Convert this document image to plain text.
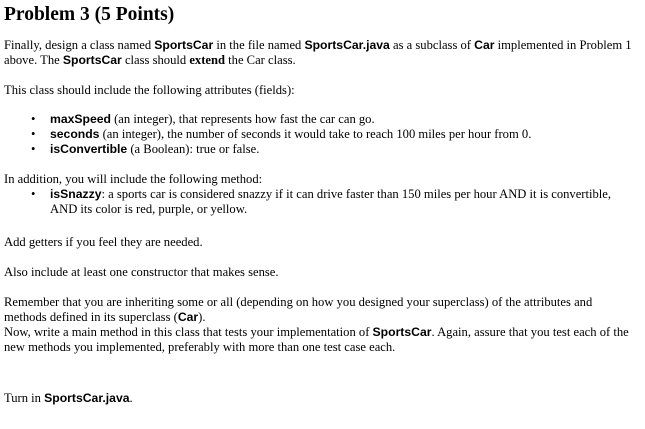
Problem 3 (5 Points)

Finally, design a class named SportsCar in the file named SportsCar.java as a subclass of Car implemented in Problem 1 above. The SportsCar class should extend the Car class.

This class should include the following attributes (fields):

• maxSpeed (an integer), that represents how fast the car can go.
• seconds (an integer), the number of seconds it would take to reach 100 miles per hour from 0.
• isConvertible (a Boolean): true or false.

In addition, you will include the following method:

• isSnazzy: a sports car is considered snazzy if it can drive faster than 150 miles per hour AND it is convertible, AND its color is red, purple, or yellow.

Add getters if you feel they are needed.

Also include at least one constructor that makes sense.

Remember that you are inheriting some or all (depending on how you designed your superclass) of the attributes and methods defined in its superclass (Car).

Now, write a main method in this class that tests your implementation of SportsCar. Again, assure that you test each of the new methods you implemented, preferably with more than one test case each.

Turn in SportsCar.java.
